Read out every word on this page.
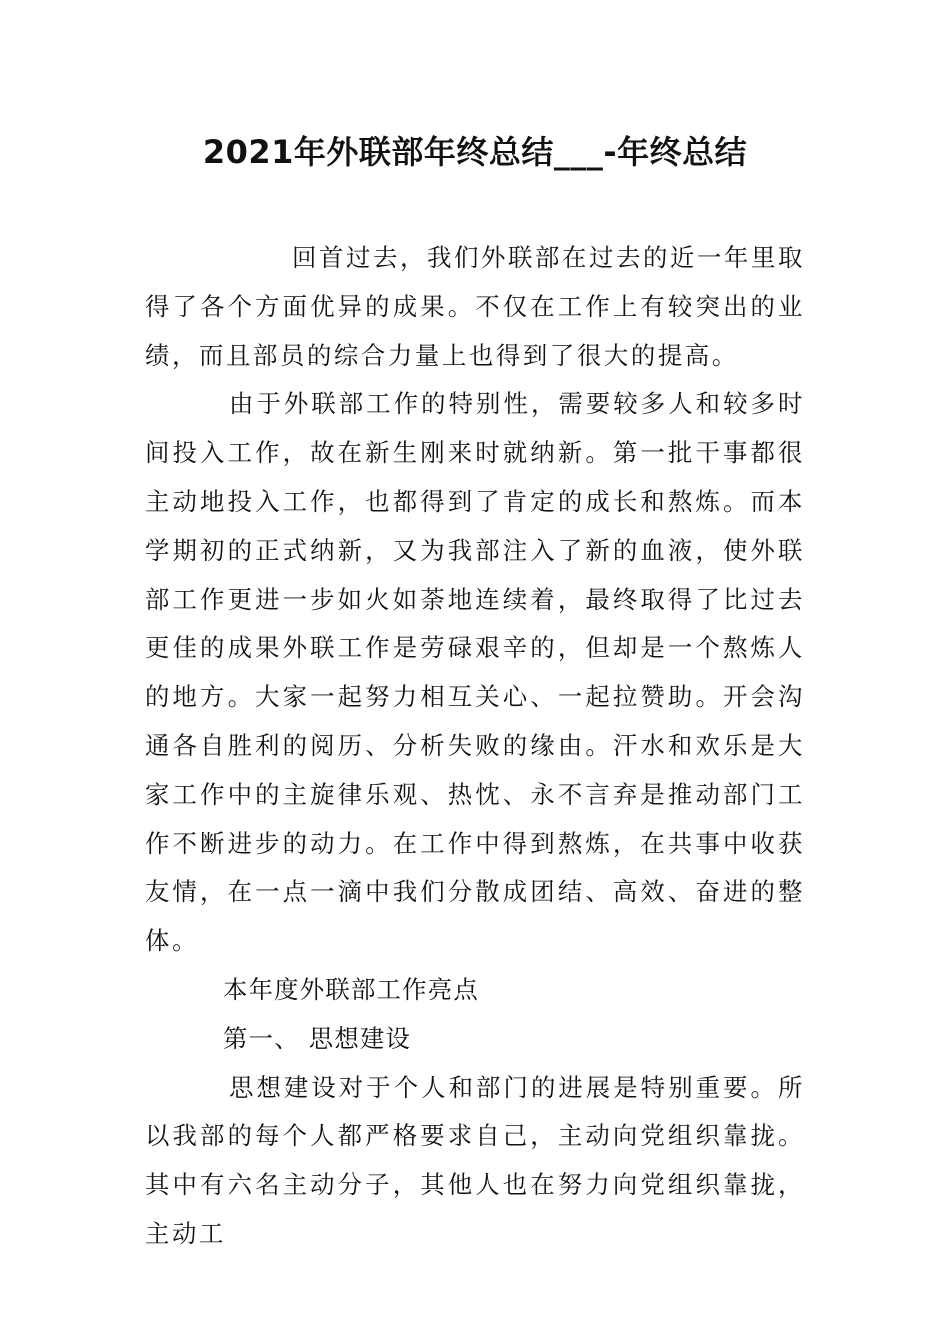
2021年外联部年终总结___-年终总结

回首过去，我们外联部在过去的近一年里取得了各个方面优异的成果。不仅在工作上有较突出的业绩，而且部员的综合力量上也得到了很大的提高。

由于外联部工作的特别性，需要较多人和较多时间投入工作，故在新生刚来时就纳新。第一批干事都很主动地投入工作，也都得到了肯定的成长和熬炼。而本学期初的正式纳新，又为我部注入了新的血液，使外联部工作更进一步如火如荼地连续着，最终取得了比过去更佳的成果外联工作是劳碌艰辛的，但却是一个熬炼人的地方。大家一起努力相互关心、一起拉赞助。开会沟通各自胜利的阅历、分析失败的缘由。汗水和欢乐是大家工作中的主旋律乐观、热忱、永不言弃是推动部门工作不断进步的动力。在工作中得到熬炼，在共事中收获友情，在一点一滴中我们分散成团结、高效、奋进的整体。

本年度外联部工作亮点

第一、 思想建设

思想建设对于个人和部门的进展是特别重要。所以我部的每个人都严格要求自己，主动向党组织靠拢。其中有六名主动分子，其他人也在努力向党组织靠拢，主动工
